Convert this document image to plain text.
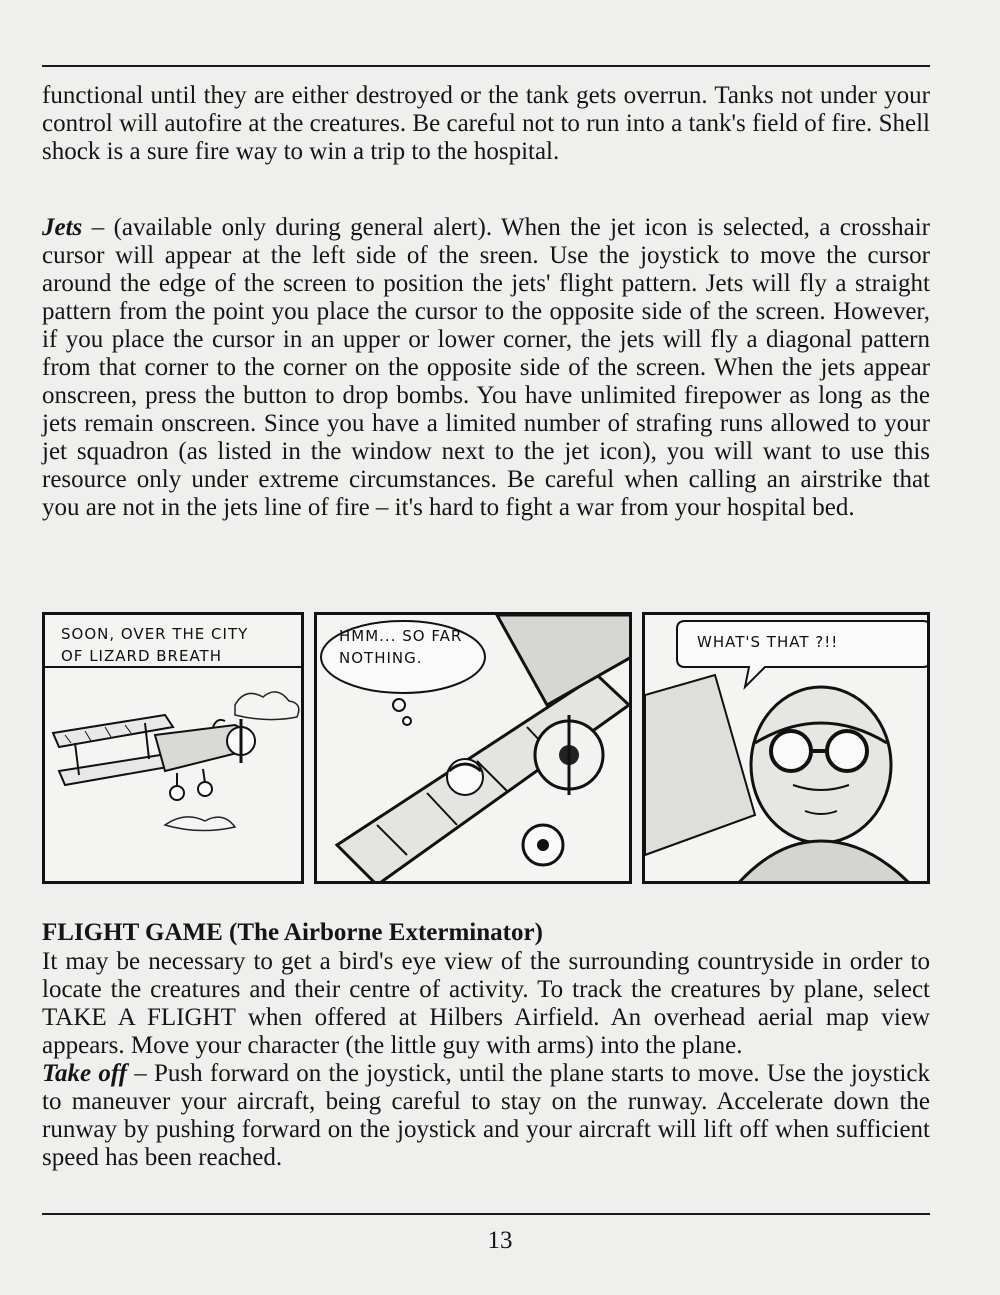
functional until they are either destroyed or the tank gets overrun. Tanks not under your control will autofire at the creatures. Be careful not to run into a tank's field of fire. Shell shock is a sure fire way to win a trip to the hospital.

Jets – (available only during general alert). When the jet icon is selected, a crosshair cursor will appear at the left side of the sreen. Use the joystick to move the cursor around the edge of the screen to position the jets' flight pattern. Jets will fly a straight pattern from the point you place the cursor to the opposite side of the screen. However, if you place the cursor in an upper or lower corner, the jets will fly a diagonal pattern from that corner to the corner on the opposite side of the screen. When the jets appear onscreen, press the button to drop bombs. You have unlimited firepower as long as the jets remain onscreen. Since you have a limited number of strafing runs allowed to your jet squadron (as listed in the window next to the jet icon), you will want to use this resource only under extreme circumstances. Be careful when calling an airstrike that you are not in the jets line of fire – it's hard to fight a war from your hospital bed.

SOON, OVER THE CITY
OF LIZARD BREATH
HMM... SO FAR
NOTHING.
WHAT'S THAT ?!!

FLIGHT GAME (The Airborne Exterminator)

It may be necessary to get a bird's eye view of the surrounding countryside in order to locate the creatures and their centre of activity. To track the creatures by plane, select TAKE A FLIGHT when offered at Hilbers Airfield. An overhead aerial map view appears. Move your character (the little guy with arms) into the plane.

Take off – Push forward on the joystick, until the plane starts to move. Use the joystick to maneuver your aircraft, being careful to stay on the runway. Accelerate down the runway by pushing forward on the joystick and your aircraft will lift off when sufficient speed has been reached.

13
